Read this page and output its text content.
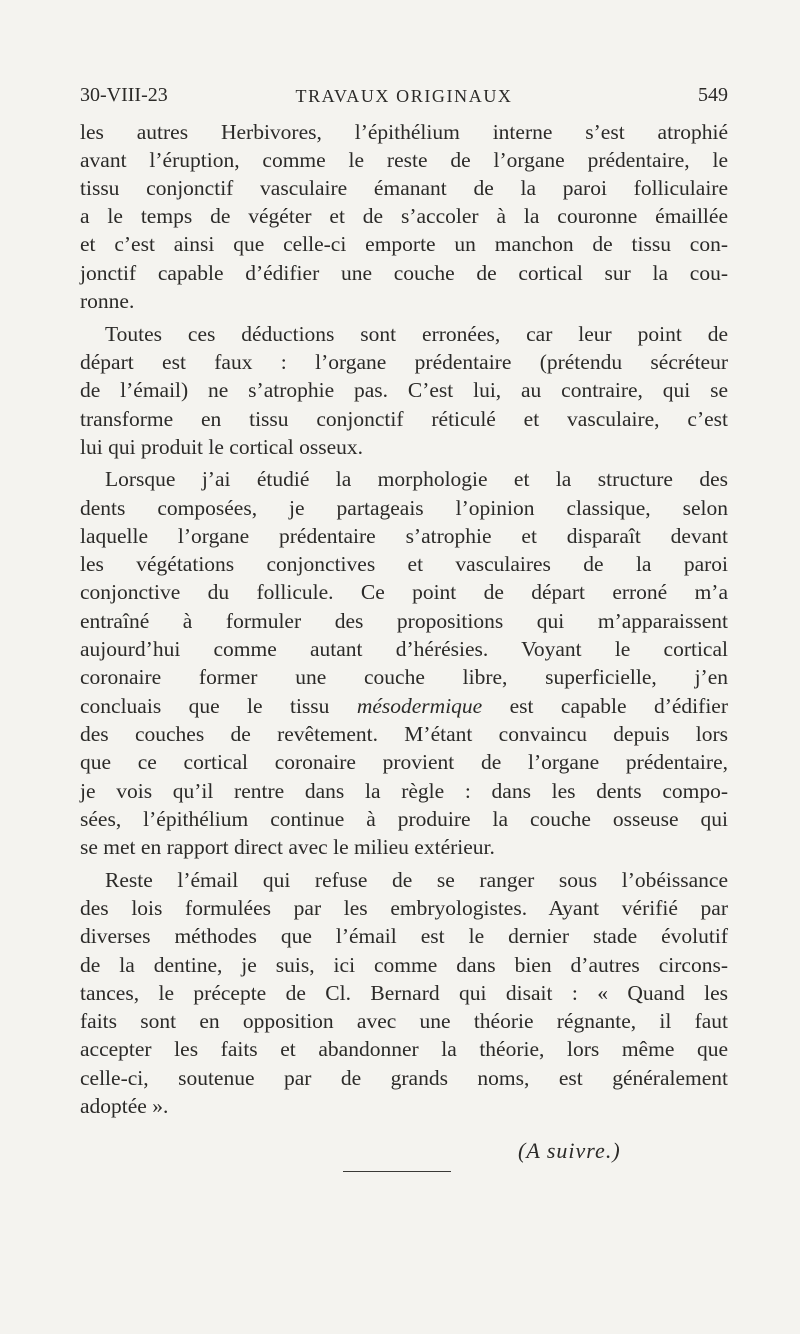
30-VIII-23	TRAVAUX ORIGINAUX	549
les autres Herbivores, l’épithélium interne s’est atrophié
avant l’éruption, comme le reste de l’organe prédentaire, le
tissu conjonctif vasculaire émanant de la paroi folliculaire
a le temps de végéter et de s’accoler à la couronne émaillée
et c’est ainsi que celle-ci emporte un manchon de tissu con-
jonctif capable d’édifier une couche de cortical sur la cou-
ronne.
Toutes ces déductions sont erronées, car leur point de
départ est faux : l’organe prédentaire (prétendu sécréteur
de l’émail) ne s’atrophie pas. C’est lui, au contraire, qui se
transforme en tissu conjonctif réticulé et vasculaire, c’est
lui qui produit le cortical osseux.
Lorsque j’ai étudié la morphologie et la structure des
dents composées, je partageais l’opinion classique, selon
laquelle l’organe prédentaire s’atrophie et disparaît devant
les végétations conjonctives et vasculaires de la paroi
conjonctive du follicule. Ce point de départ erroné m’a
entraîné à formuler des propositions qui m’apparaissent
aujourd’hui comme autant d’hérésies. Voyant le cortical
coronaire former une couche libre, superficielle, j’en
concluais que le tissu mésodermique est capable d’édifier
des couches de revêtement. M’étant convaincu depuis lors
que ce cortical coronaire provient de l’organe prédentaire,
je vois qu’il rentre dans la règle : dans les dents compo-
sées, l’épithélium continue à produire la couche osseuse qui
se met en rapport direct avec le milieu extérieur.
Reste l’émail qui refuse de se ranger sous l’obéissance
des lois formulées par les embryologistes. Ayant vérifié par
diverses méthodes que l’émail est le dernier stade évolutif
de la dentine, je suis, ici comme dans bien d’autres circons-
tances, le précepte de Cl. Bernard qui disait : « Quand les
faits sont en opposition avec une théorie régnante, il faut
accepter les faits et abandonner la théorie, lors même que
celle-ci, soutenue par de grands noms, est généralement
adoptée ».
(A suivre.)
